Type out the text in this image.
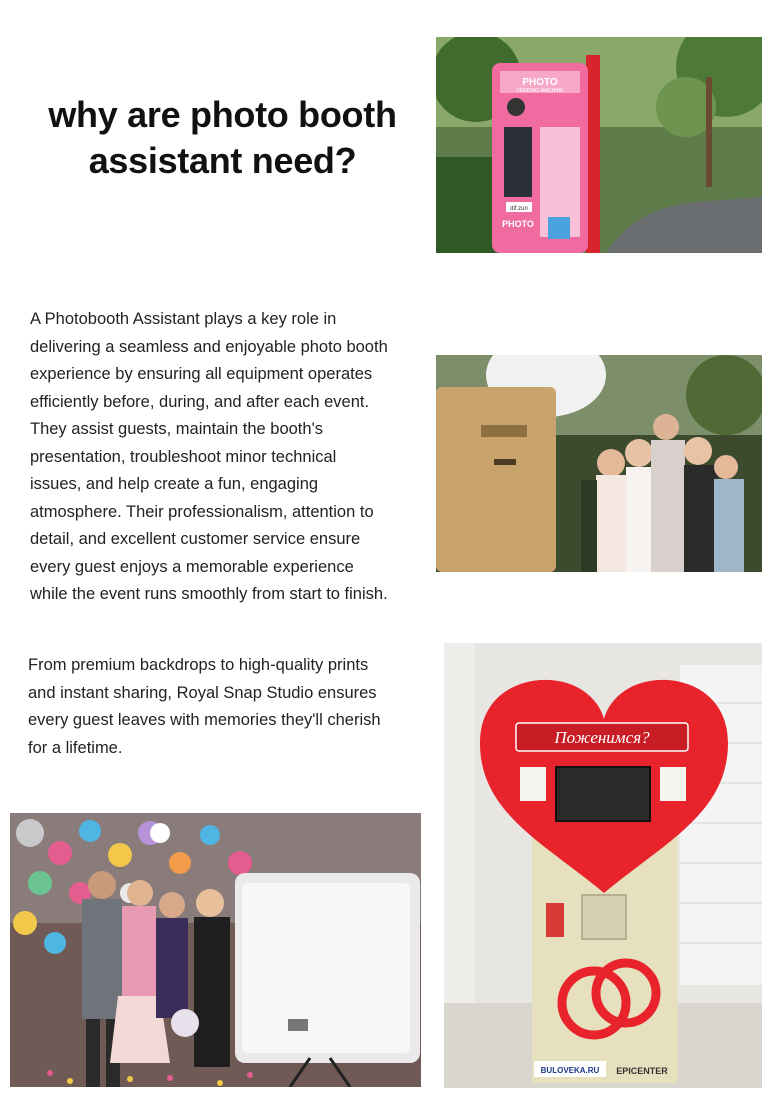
why are photo booth assistant need?
A Photobooth Assistant plays a key role in delivering a seamless and enjoyable photo booth experience by ensuring all equipment operates efficiently before, during, and after each event. They assist guests, maintain the booth's presentation, troubleshoot minor technical issues, and help create a fun, engaging atmosphere. Their professionalism, attention to detail, and excellent customer service ensure every guest enjoys a memorable experience while the event runs smoothly from start to finish.
From premium backdrops to high-quality prints and instant sharing, Royal Snap Studio ensures every guest leaves with memories they'll cherish for a lifetime.
PHOTO
VENDING MACHINE
dif.zun
PHOTO
Поженимся?
BULOVEKA.RU EPICENTER
